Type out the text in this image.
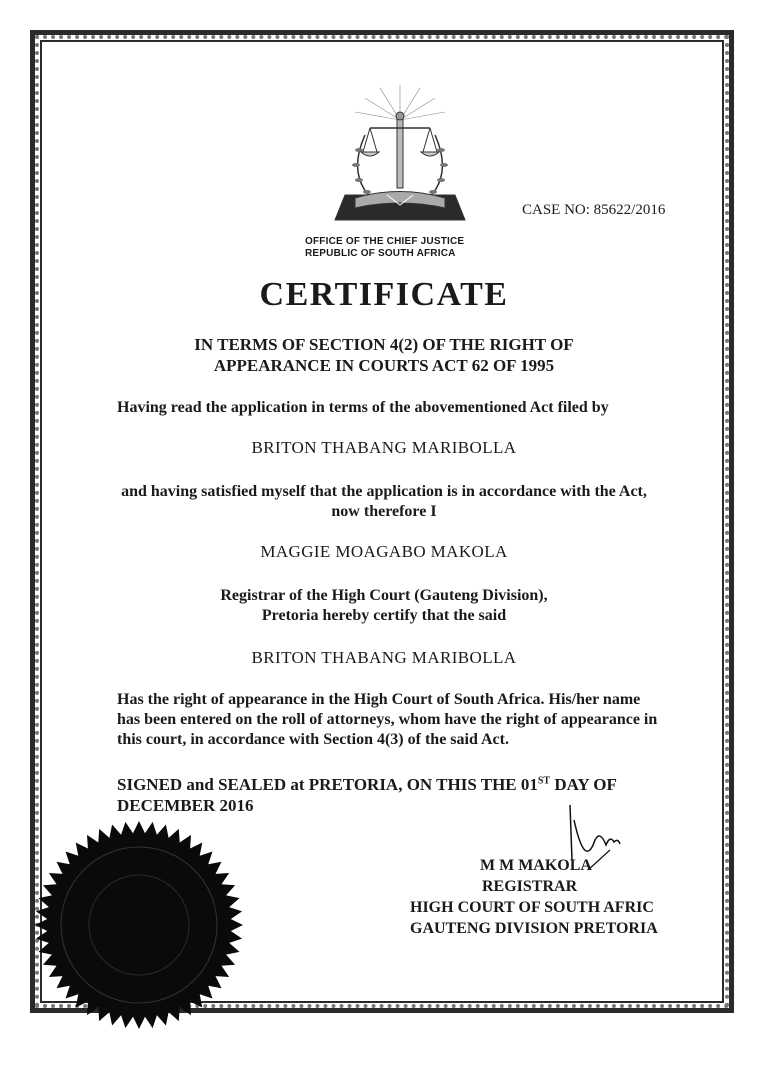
OFFICE OF THE CHIEF JUSTICE
REPUBLIC OF SOUTH AFRICA
CASE NO: 85622/2016
CERTIFICATE
IN TERMS OF SECTION 4(2) OF THE RIGHT OF
APPEARANCE IN COURTS ACT 62 OF 1995
Having read the application in terms of the abovementioned Act filed by
BRITON THABANG MARIBOLLA
and having satisfied myself that the application is in accordance with the Act,
now therefore I
MAGGIE MOAGABO MAKOLA
Registrar of the High Court (Gauteng Division),
Pretoria hereby certify that the said
BRITON THABANG MARIBOLLA
Has the right of appearance in the High Court of South Africa. His/her name
has been entered on the roll of attorneys, whom have the right of appearance in
this court, in accordance with Section 4(3) of the said Act.
SIGNED and SEALED at PRETORIA, ON THIS THE 01ST DAY OF
DECEMBER 2016
M M MAKOLA
REGISTRAR
HIGH COURT OF SOUTH AFRIC
GAUTENG DIVISION PRETORIA
